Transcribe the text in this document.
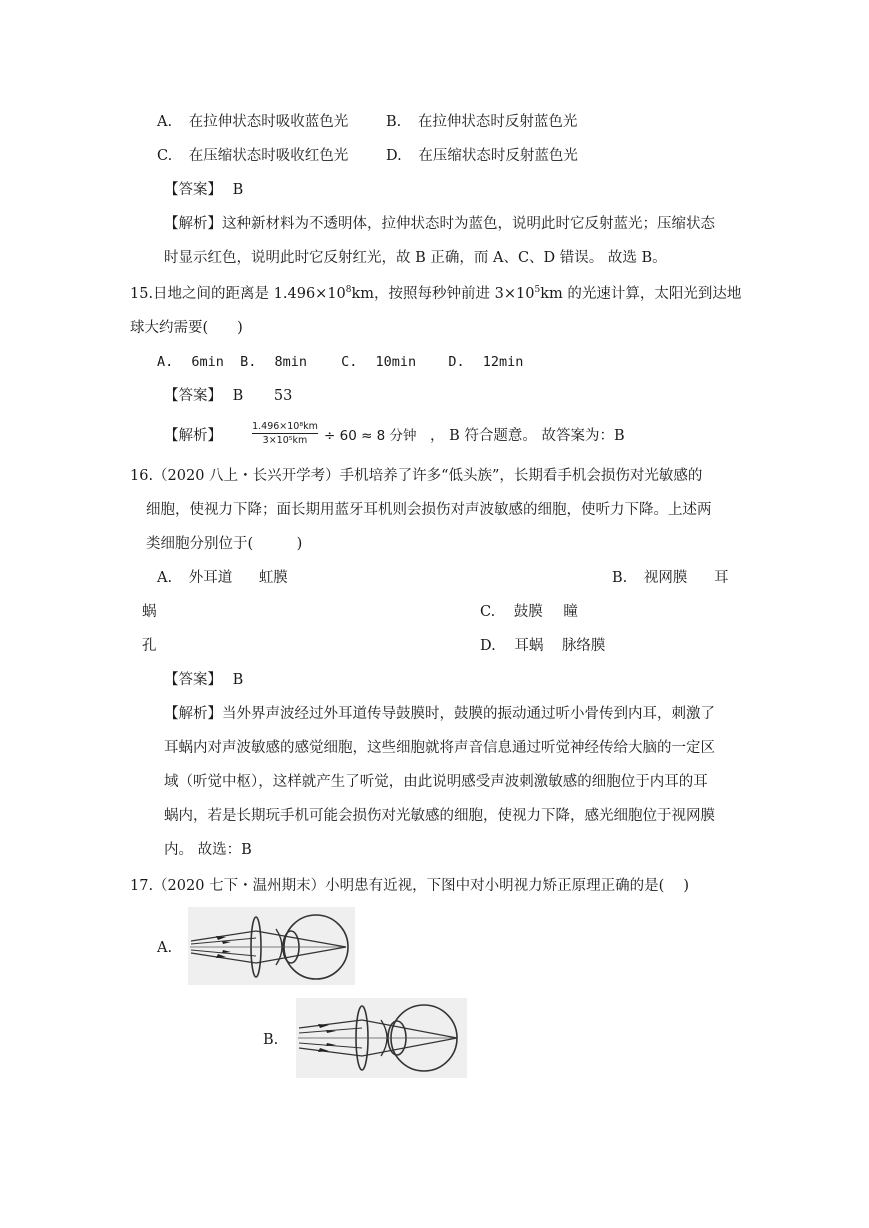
A. 在拉伸状态时吸收蓝色光	B. 在拉伸状态时反射蓝色光
C. 在压缩状态时吸收红色光	D. 在压缩状态时反射蓝色光
【答案】 B
【解析】这种新材料为不透明体，拉伸状态时为蓝色，说明此时它反射蓝光；压缩状态
时显示红色，说明此时它反射红光，故 B 正确，而 A、C、D 错误。 故选 B。
15.日地之间的距离是 $1.496\times 10^8km$，按照每秒钟前进 $3\times 10^5km$ 的光速计算，太阳光到达地
球大约需要(　　)
A. 6min B. 8min	C. 10min D. 12min
【答案】 B 53
【解析】
1.496×10⁸km
3×10⁵km	÷ 60 ≈ 8 分钟 ， B 符合题意。 故答案为：B
16.（2020 八上・长兴开学考）手机培养了许多“低头族”，长期看手机会损伤对光敏感的
细胞，使视力下降；面长期用蓝牙耳机则会损伤对声波敏感的细胞，使听力下降。上述两
类细胞分别位于(　　　)
A. 外耳道 虹膜	B. 视网膜 耳
蜗	C. 鼓膜 瞳
孔	D. 耳蜗 脉络膜
【答案】 B
【解析】当外界声波经过外耳道传导鼓膜时，鼓膜的振动通过听小骨传到内耳，刺激了
耳蜗内对声波敏感的感觉细胞，这些细胞就将声音信息通过听觉神经传给大脑的一定区
域（听觉中枢），这样就产生了听觉，由此说明感受声波刺激敏感的细胞位于内耳的耳
蜗内，若是长期玩手机可能会损伤对光敏感的细胞，使视力下降，感光细胞位于视网膜
内。 故选：B
17.（2020 七下・温州期末）小明患有近视，下图中对小明视力矫正原理正确的是(　 )
A.
B.
